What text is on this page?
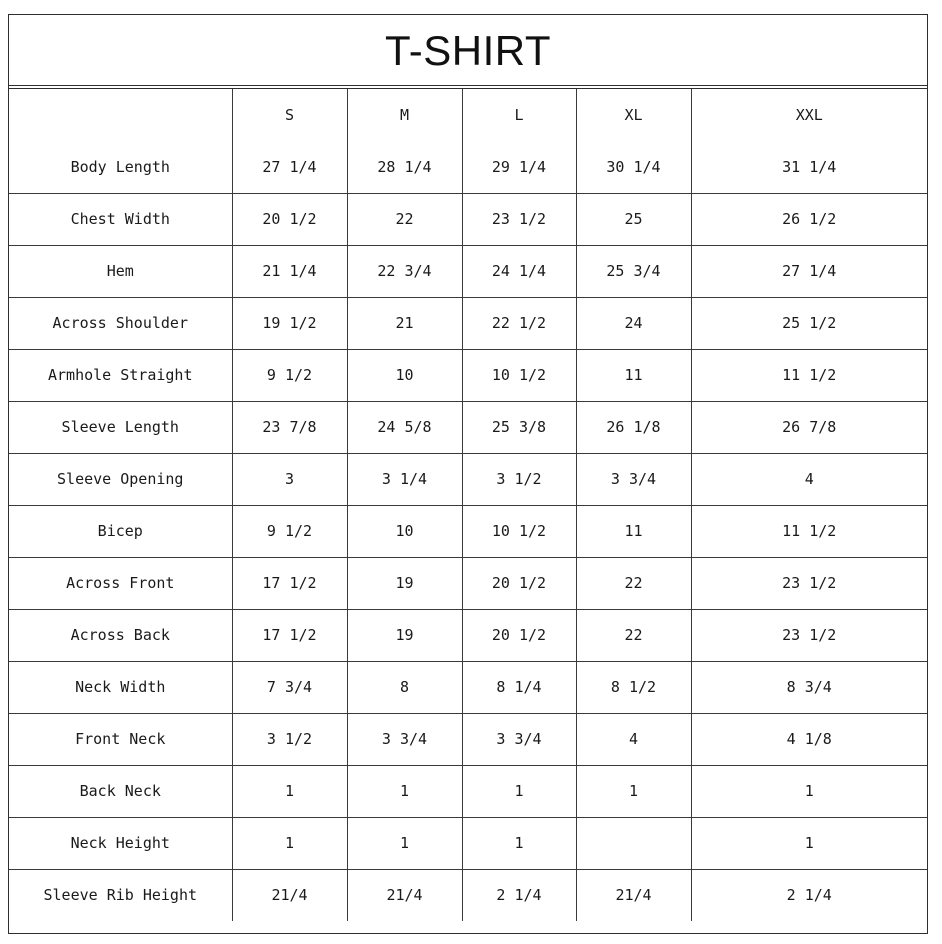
T-SHIRT
	S	M	L	XL	XXL
Body Length	27 1/4	28 1/4	29 1/4	30 1/4	31 1/4
Chest Width	20 1/2	22	23 1/2	25	26 1/2
Hem	21 1/4	22 3/4	24 1/4	25 3/4	27 1/4
Across Shoulder	19 1/2	21	22 1/2	24	25 1/2
Armhole Straight	9 1/2	10	10 1/2	11	11 1/2
Sleeve Length	23 7/8	24 5/8	25 3/8	26 1/8	26 7/8
Sleeve Opening	3	3 1/4	3 1/2	3 3/4	4
Bicep	9 1/2	10	10 1/2	11	11 1/2
Across Front	17 1/2	19	20 1/2	22	23 1/2
Across Back	17 1/2	19	20 1/2	22	23 1/2
Neck Width	7 3/4	8	8 1/4	8 1/2	8 3/4
Front Neck	3 1/2	3 3/4	3 3/4	4	4 1/8
Back Neck	1	1	1	1	1
Neck Height	1	1	1		1
Sleeve Rib Height	21/4	21/4	2 1/4	21/4	2 1/4
